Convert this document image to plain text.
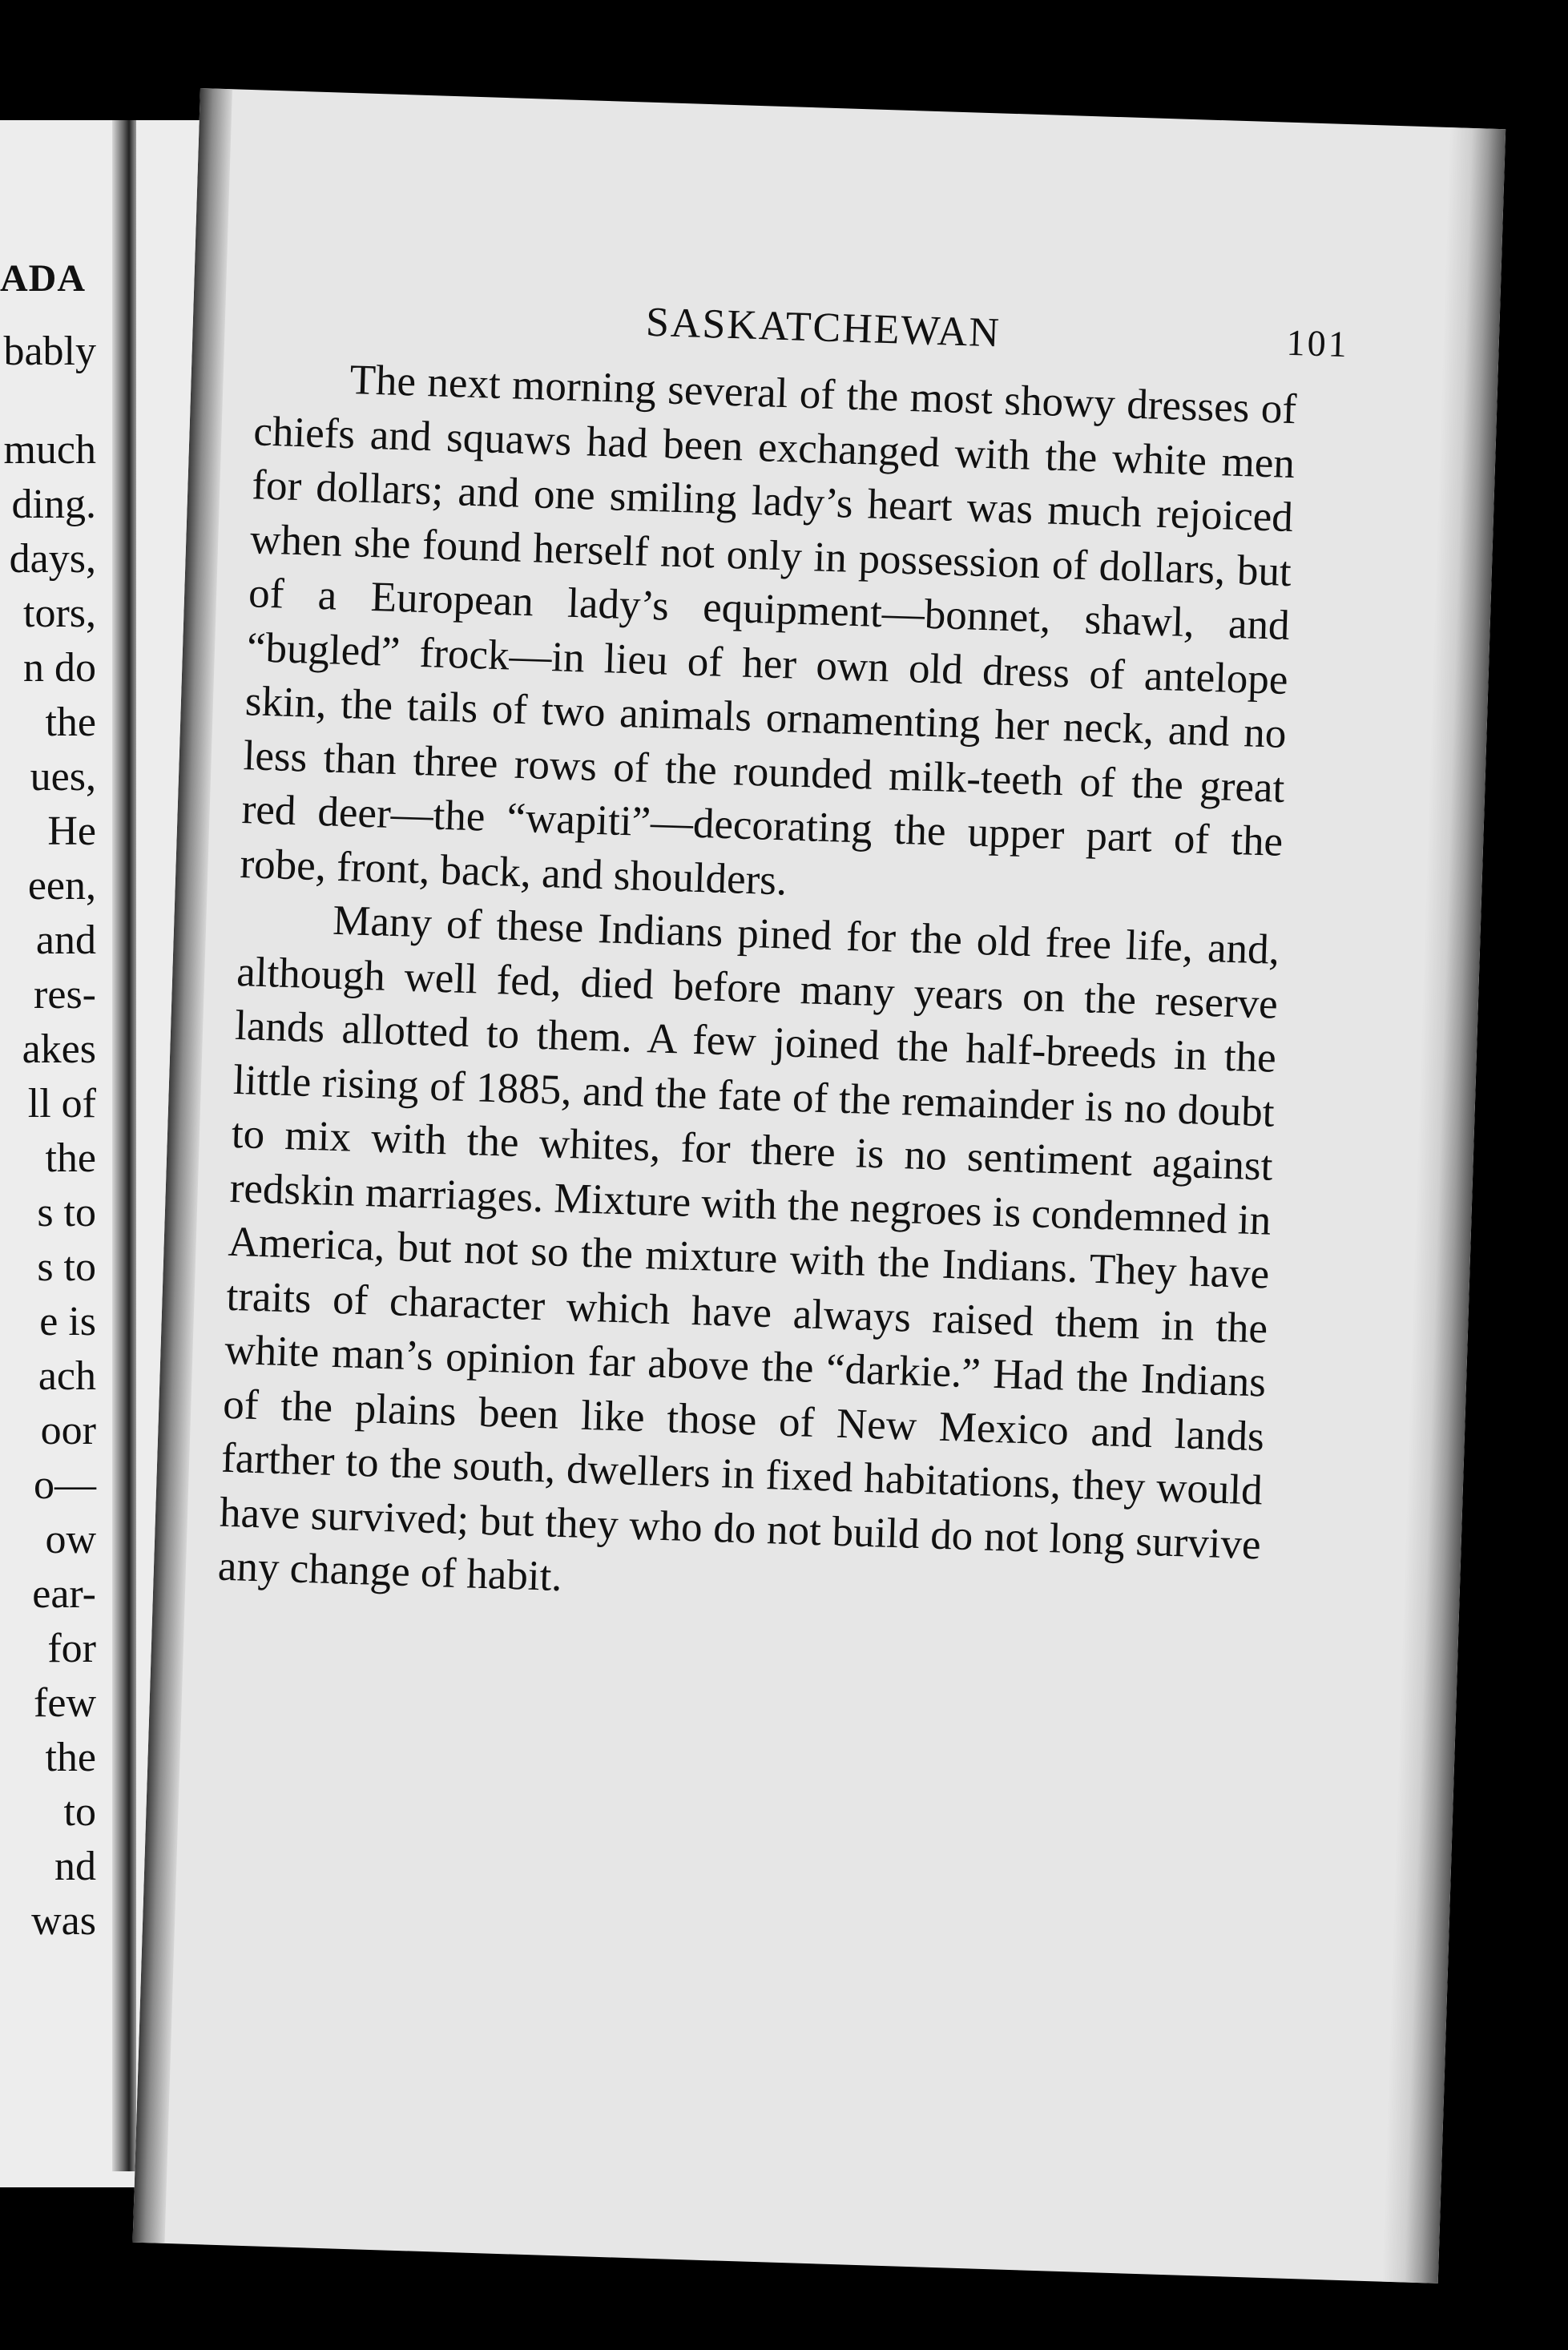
ADA
bably
much
ding.
days,
tors,
n do
the
ues,
He
een,
and
res-
akes
ll of
the
s to
s to
e is
ach
oor
o—
ow
ear-
for
few
the
to
nd
was
SASKATCHEWAN	101

The next morning several of the most showy dresses of chiefs and squaws had been exchanged with the white men for dollars; and one smiling lady’s heart was much rejoiced when she found herself not only in possession of dollars, but of a European lady’s equipment—bonnet, shawl, and “bugled” frock—in lieu of her own old dress of antelope skin, the tails of two animals ornamenting her neck, and no less than three rows of the rounded milk-teeth of the great red deer—the “wapiti”—decorating the upper part of the robe, front, back, and shoulders.

Many of these Indians pined for the old free life, and, although well fed, died before many years on the reserve lands allotted to them. A few joined the half-breeds in the little rising of 1885, and the fate of the remainder is no doubt to mix with the whites, for there is no sentiment against redskin marriages. Mixture with the negroes is condemned in America, but not so the mixture with the Indians. They have traits of character which have always raised them in the white man’s opinion far above the “darkie.” Had the Indians of the plains been like those of New Mexico and lands farther to the south, dwellers in fixed habitations, they would have survived; but they who do not build do not long survive any change of habit.
